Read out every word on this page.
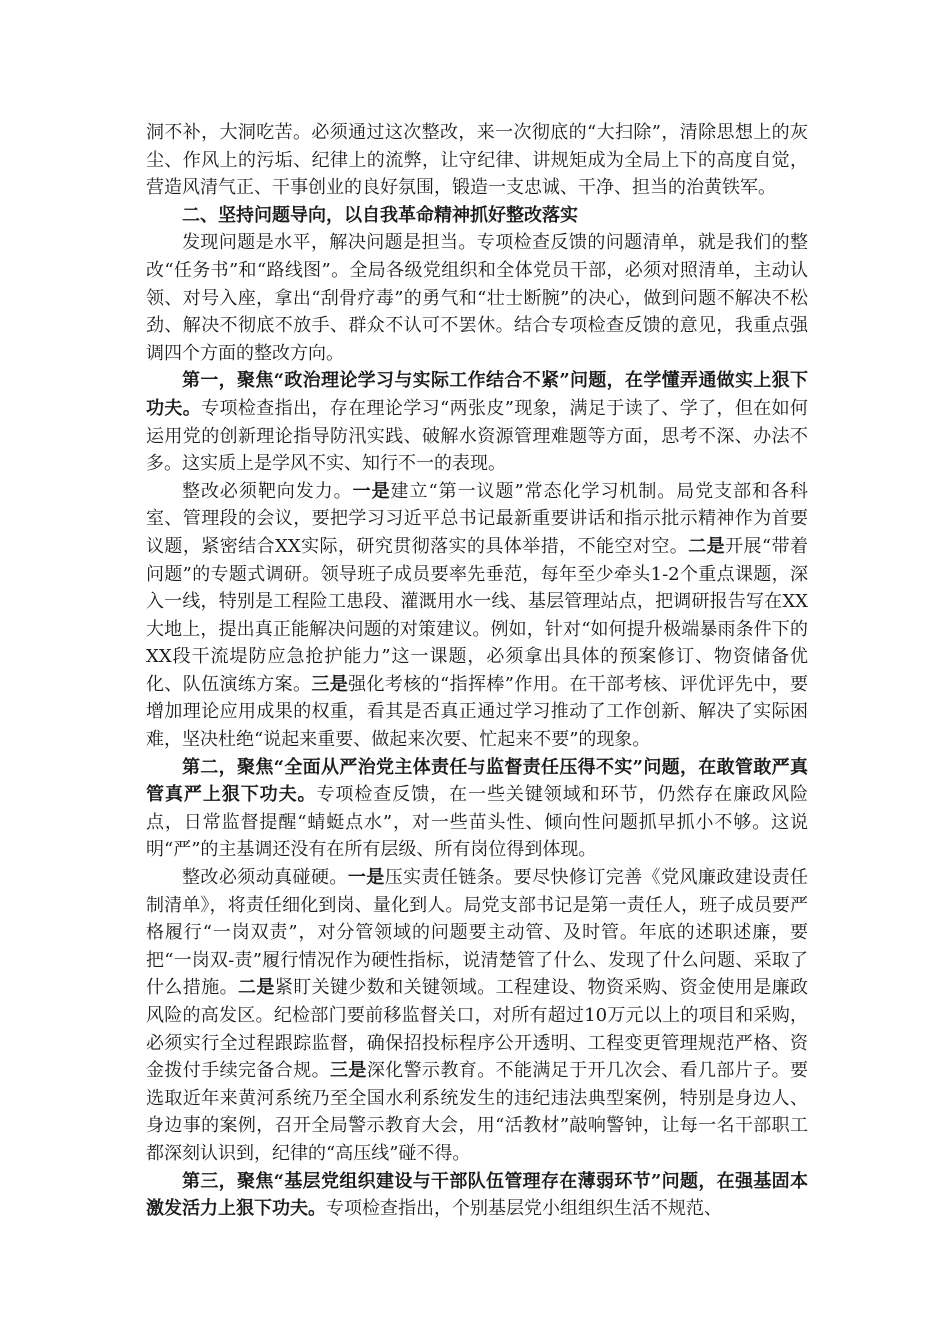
洞不补，大洞吃苦。必须通过这次整改，来一次彻底的“大扫除”，清除思想上的灰尘、作风上的污垢、纪律上的流弊，让守纪律、讲规矩成为全局上下的高度自觉，营造风清气正、干事创业的良好氛围，锻造一支忠诚、干净、担当的治黄铁军。

二、坚持问题导向，以自我革命精神抓好整改落实

发现问题是水平，解决问题是担当。专项检查反馈的问题清单，就是我们的整改“任务书”和“路线图”。全局各级党组织和全体党员干部，必须对照清单，主动认领、对号入座，拿出“刮骨疗毒”的勇气和“壮士断腕”的决心，做到问题不解决不松劲、解决不彻底不放手、群众不认可不罢休。结合专项检查反馈的意见，我重点强调四个方面的整改方向。

第一，聚焦“政治理论学习与实际工作结合不紧”问题，在学懂弄通做实上狠下功夫。专项检查指出，存在理论学习“两张皮”现象，满足于读了、学了，但在如何运用党的创新理论指导防汛实践、破解水资源管理难题等方面，思考不深、办法不多。这实质上是学风不实、知行不一的表现。

整改必须靶向发力。一是建立“第一议题”常态化学习机制。局党支部和各科室、管理段的会议，要把学习习近平总书记最新重要讲话和指示批示精神作为首要议题，紧密结合XX实际，研究贯彻落实的具体举措，不能空对空。二是开展“带着问题”的专题式调研。领导班子成员要率先垂范，每年至少牵头1-2个重点课题，深入一线，特别是工程险工患段、灌溉用水一线、基层管理站点，把调研报告写在XX大地上，提出真正能解决问题的对策建议。例如，针对“如何提升极端暴雨条件下的XX段干流堤防应急抢护能力”这一课题，必须拿出具体的预案修订、物资储备优化、队伍演练方案。三是强化考核的“指挥棒”作用。在干部考核、评优评先中，要增加理论应用成果的权重，看其是否真正通过学习推动了工作创新、解决了实际困难，坚决杜绝“说起来重要、做起来次要、忙起来不要”的现象。

第二，聚焦“全面从严治党主体责任与监督责任压得不实”问题，在敢管敢严真管真严上狠下功夫。专项检查反馈，在一些关键领域和环节，仍然存在廉政风险点，日常监督提醒“蜻蜓点水”，对一些苗头性、倾向性问题抓早抓小不够。这说明“严”的主基调还没有在所有层级、所有岗位得到体现。

整改必须动真碰硬。一是压实责任链条。要尽快修订完善《党风廉政建设责任制清单》，将责任细化到岗、量化到人。局党支部书记是第一责任人，班子成员要严格履行“一岗双责”，对分管领域的问题要主动管、及时管。年底的述职述廉，要把“一岗双-责”履行情况作为硬性指标，说清楚管了什么、发现了什么问题、采取了什么措施。二是紧盯关键少数和关键领域。工程建设、物资采购、资金使用是廉政风险的高发区。纪检部门要前移监督关口，对所有超过10万元以上的项目和采购，必须实行全过程跟踪监督，确保招投标程序公开透明、工程变更管理规范严格、资金拨付手续完备合规。三是深化警示教育。不能满足于开几次会、看几部片子。要选取近年来黄河系统乃至全国水利系统发生的违纪违法典型案例，特别是身边人、身边事的案例，召开全局警示教育大会，用“活教材”敲响警钟，让每一名干部职工都深刻认识到，纪律的“高压线”碰不得。

第三，聚焦“基层党组织建设与干部队伍管理存在薄弱环节”问题，在强基固本激发活力上狠下功夫。专项检查指出，个别基层党小组组织生活不规范、
